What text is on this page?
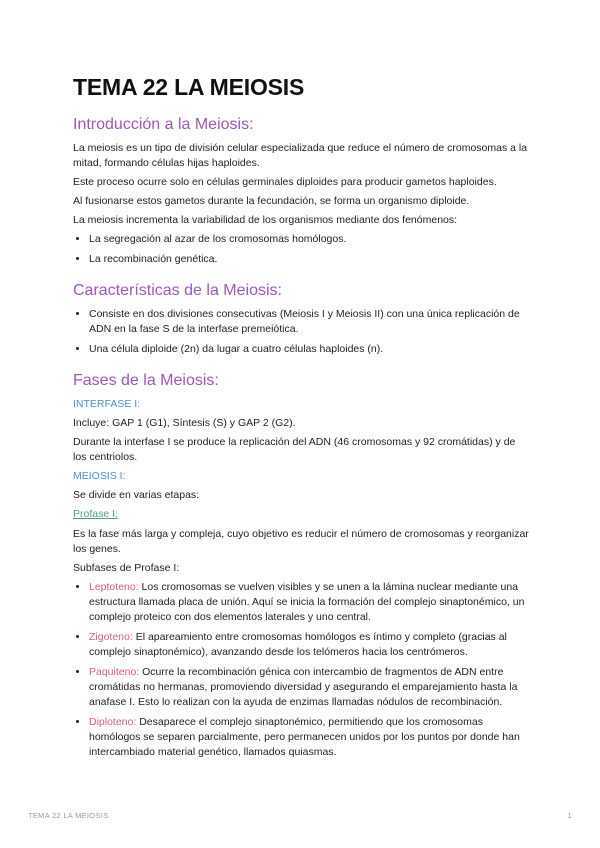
TEMA 22 LA MEIOSIS
Introducción a la Meiosis:

La meiosis es un tipo de división celular especializada que reduce el número de cromosomas a la mitad, formando células hijas haploides.

Este proceso ocurre solo en células germinales diploides para producir gametos haploides.

Al fusionarse estos gametos durante la fecundación, se forma un organismo diploide.

La meiosis incrementa la variabilidad de los organismos mediante dos fenómenos:

• La segregación al azar de los cromosomas homólogos.
• La recombinación genética.
Características de la Meiosis:
• Consiste en dos divisiones consecutivas (Meiosis I y Meiosis II) con una única replicación de ADN en la fase S de la interfase premeiótica.
• Una célula diploide (2n) da lugar a cuatro células haploides (n).
Fases de la Meiosis:

INTERFASE I:

Incluye: GAP 1 (G1), Síntesis (S) y GAP 2 (G2).

Durante la interfase I se produce la replicación del ADN (46 cromosomas y 92 cromátidas) y de los centriolos.

MEIOSIS I:

Se divide en varias etapas:

Profase I:

Es la fase más larga y compleja, cuyo objetivo es reducir el número de cromosomas y reorganizar los genes.

Subfases de Profase I:

• Leptoteno: Los cromosomas se vuelven visibles y se unen a la lámina nuclear mediante una estructura llamada placa de unión. Aquí se inicia la formación del complejo sinaptonémico, un complejo proteico con dos elementos laterales y uno central.
• Zigoteno: El apareamiento entre cromosomas homólogos es íntimo y completo (gracias al complejo sinaptonémico), avanzando desde los telómeros hacia los centrómeros.
• Paquiteno: Ocurre la recombinación génica con intercambio de fragmentos de ADN entre cromátidas no hermanas, promoviendo diversidad y asegurando el emparejamiento hasta la anafase I. Esto lo realizan con la ayuda de enzimas llamadas nódulos de recombinación.
• Diploteno: Desaparece el complejo sinaptonémico, permitiendo que los cromosomas homólogos se separen parcialmente, pero permanecen unidos por los puntos por donde han intercambiado material genético, llamados quiasmas.
TEMA 22 LA MEIOSIS	1
